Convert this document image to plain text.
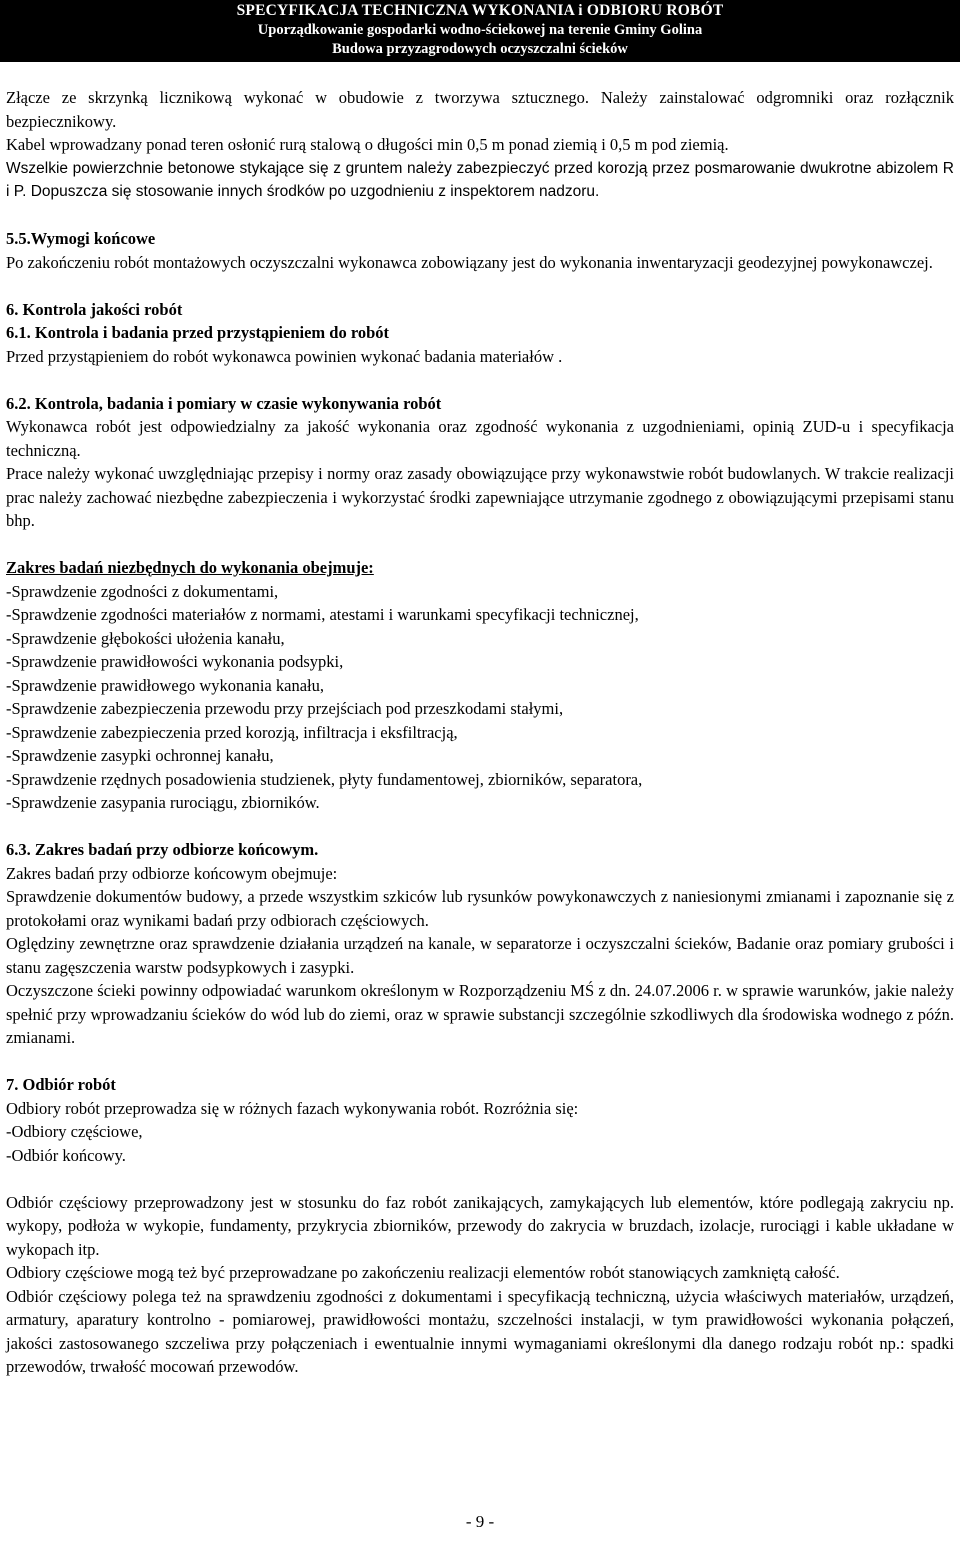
SPECYFIKACJA TECHNICZNA WYKONANIA i ODBIORU ROBÓT
Uporządkowanie gospodarki wodno-ściekowej na terenie Gminy Golina
Budowa przyzagrodowych oczyszczalni ścieków

Złącze ze skrzynką licznikową wykonać w obudowie z tworzywa sztucznego. Należy zainstalować odgromniki oraz rozłącznik bezpiecznikowy.

Kabel wprowadzany ponad teren osłonić rurą stalową o długości min 0,5 m ponad ziemią i 0,5 m pod ziemią.

Wszelkie powierzchnie betonowe stykające się z gruntem należy zabezpieczyć przed korozją przez posmarowanie dwukrotne abizolem R i P. Dopuszcza się stosowanie innych środków po uzgodnieniu z inspektorem nadzoru.

5.5.Wymogi końcowe

Po zakończeniu robót montażowych oczyszczalni wykonawca zobowiązany jest do wykonania inwentaryzacji geodezyjnej powykonawczej.

6. Kontrola jakości robót

6.1. Kontrola i badania przed przystąpieniem do robót

Przed przystąpieniem do robót wykonawca powinien wykonać badania materiałów .

6.2. Kontrola, badania i pomiary w czasie wykonywania robót

Wykonawca robót jest odpowiedzialny za jakość wykonania oraz zgodność wykonania z uzgodnieniami, opinią ZUD-u i specyfikacja techniczną.

Prace należy wykonać uwzględniając przepisy i normy oraz zasady obowiązujące przy wykonawstwie robót budowlanych. W trakcie realizacji prac należy zachować niezbędne zabezpieczenia i wykorzystać środki zapewniające utrzymanie zgodnego z obowiązującymi przepisami stanu bhp.

Zakres badań niezbędnych do wykonania obejmuje:

-Sprawdzenie zgodności z dokumentami,

-Sprawdzenie zgodności materiałów z normami, atestami i warunkami specyfikacji technicznej,

-Sprawdzenie głębokości ułożenia kanału,

-Sprawdzenie prawidłowości wykonania podsypki,

-Sprawdzenie prawidłowego wykonania kanału,

-Sprawdzenie zabezpieczenia przewodu przy przejściach pod przeszkodami stałymi,

-Sprawdzenie zabezpieczenia przed korozją, infiltracja i eksfiltracją,

-Sprawdzenie zasypki ochronnej kanału,

-Sprawdzenie rzędnych posadowienia studzienek, płyty fundamentowej, zbiorników, separatora,

-Sprawdzenie zasypania rurociągu, zbiorników.

6.3. Zakres badań przy odbiorze końcowym.

Zakres badań przy odbiorze końcowym obejmuje:

Sprawdzenie dokumentów budowy, a przede wszystkim szkiców lub rysunków powykonawczych z naniesionymi zmianami i zapoznanie się z protokołami oraz wynikami badań przy odbiorach częściowych.

Oględziny zewnętrzne oraz sprawdzenie działania urządzeń na kanale, w separatorze i oczyszczalni ścieków, Badanie oraz pomiary grubości i stanu zagęszczenia warstw podsypkowych i zasypki.

Oczyszczone ścieki powinny odpowiadać warunkom określonym w Rozporządzeniu MŚ z dn. 24.07.2006 r. w sprawie warunków, jakie należy spełnić przy wprowadzaniu ścieków do wód lub do ziemi, oraz w sprawie substancji szczególnie szkodliwych dla środowiska wodnego z późn. zmianami.

7. Odbiór robót

Odbiory robót przeprowadza się w różnych fazach wykonywania robót. Rozróżnia się:

-Odbiory częściowe,

-Odbiór końcowy.

Odbiór częściowy przeprowadzony jest w stosunku do faz robót zanikających, zamykających lub elementów, które podlegają zakryciu np. wykopy, podłoża w wykopie, fundamenty, przykrycia zbiorników, przewody do zakrycia w bruzdach, izolacje, rurociągi i kable układane w wykopach itp.

Odbiory częściowe mogą też być przeprowadzane po zakończeniu realizacji elementów robót stanowiących zamkniętą całość.

Odbiór częściowy polega też na sprawdzeniu zgodności z dokumentami i specyfikacją techniczną, użycia właściwych materiałów, urządzeń, armatury, aparatury kontrolno - pomiarowej, prawidłowości montażu, szczelności instalacji, w tym prawidłowości wykonania połączeń, jakości zastosowanego szczeliwa przy połączeniach i ewentualnie innymi wymaganiami określonymi dla danego rodzaju robót np.: spadki przewodów, trwałość mocowań przewodów.

- 9 -
